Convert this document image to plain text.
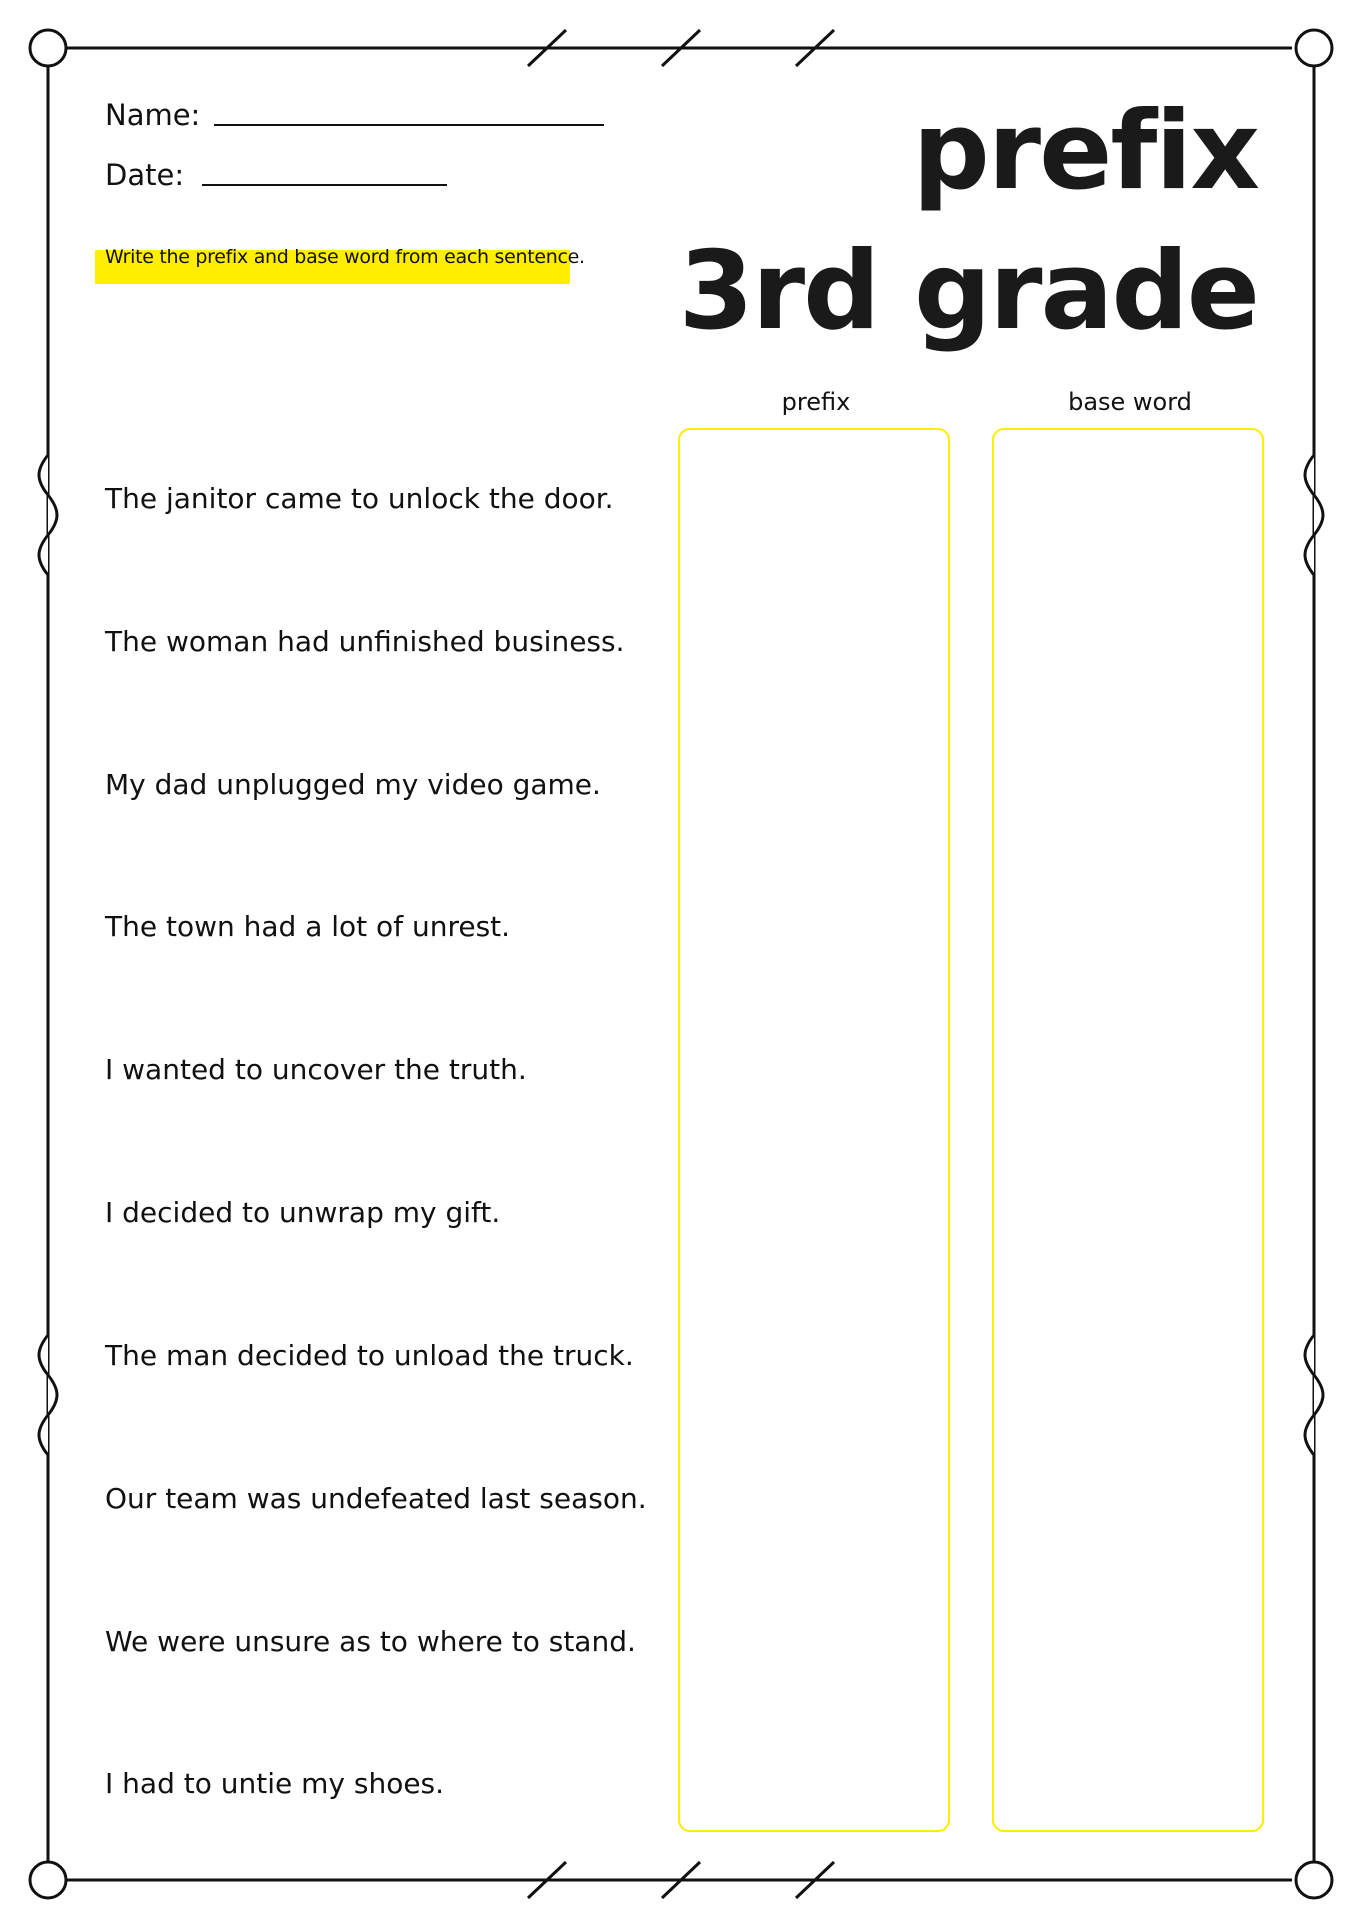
Name:
Date:
Write the prefix and base word from each sentence.
prefix
3rd grade
prefix	base word
The janitor came to unlock the door.
The woman had unfinished business.
My dad unplugged my video game.
The town had a lot of unrest.
I wanted to uncover the truth.
I decided to unwrap my gift.
The man decided to unload the truck.
Our team was undefeated last season.
We were unsure as to where to stand.
I had to untie my shoes.
